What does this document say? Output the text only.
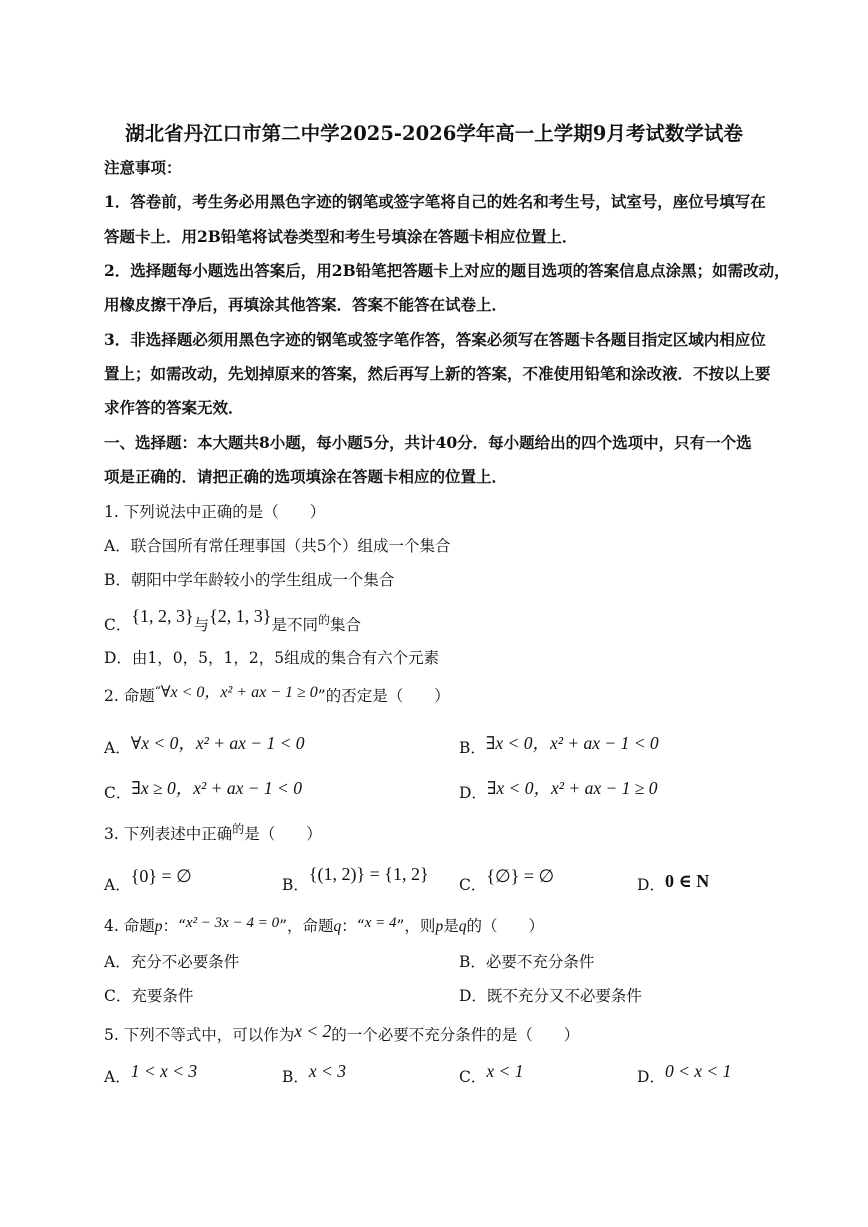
湖北省丹江口市第二中学2025-2026学年高一上学期9月考试数学试卷
注意事项：
1．答卷前，考生务必用黑色字迹的钢笔或签字笔将自己的姓名和考生号，试室号，座位号填写在
答题卡上．用2B铅笔将试卷类型和考生号填涂在答题卡相应位置上．
2．选择题每小题选出答案后，用2B铅笔把答题卡上对应的题目选项的答案信息点涂黑；如需改动，
用橡皮擦干净后，再填涂其他答案．答案不能答在试卷上．
3．非选择题必须用黑色字迹的钢笔或签字笔作答，答案必须写在答题卡各题目指定区域内相应位
置上；如需改动，先划掉原来的答案，然后再写上新的答案，不准使用铅笔和涂改液．不按以上要
求作答的答案无效．
一、选择题：本大题共8小题，每小题5分，共计40分．每小题给出的四个选项中，只有一个选
项是正确的．请把正确的选项填涂在答题卡相应的位置上．
1. 下列说法中正确的是（　　）
A．联合国所有常任理事国（共5个）组成一个集合
B．朝阳中学年龄较小的学生组成一个集合
C．{1, 2, 3}与{2, 1, 3}是不同$^的$集合
D．由1，0，5，1，2，5组成的集合有六个元素
2. 命题“∀x < 0，x² + ax − 1 ≥ 0”的否定是（　　）
A．∀x < 0，x² + ax − 1 < 0	B．∃x < 0，x² + ax − 1 < 0
C．∃x ≥ 0，x² + ax − 1 < 0	D．∃x < 0，x² + ax − 1 ≥ 0
3. 下列表述中正确$^的$是（　　）
A．{0} = ∅	B．{(1, 2)} = {1, 2}
C．{∅} = ∅	D．0 ∈ N
4. 命题p：“x² − 3x − 4 = 0”，命题q：“x = 4”，则p是q的（　　）
A．充分不必要条件	B．必要不充分条件
C．充要条件	D．既不充分又不必要条件
5. 下列不等式中，可以作为x < 2的一个必要不充分条件的是（　　）
A．1 < x < 3	B．x < 3	C．x < 1	D．0 < x < 1
